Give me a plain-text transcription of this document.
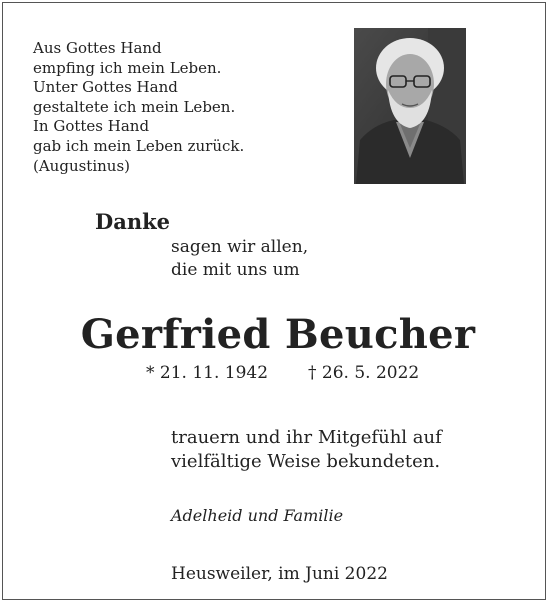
Aus Gottes Hand
empfing ich mein Leben.
Unter Gottes Hand
gestaltete ich mein Leben.
In Gottes Hand
gab ich mein Leben zurück.
(Augustinus)
Danke
sagen wir allen,
die mit uns um
Gerfried Beucher
* 21. 11. 1942 † 26. 5. 2022
trauern und ihr Mitgefühl auf
vielfältige Weise bekundeten.
Adelheid und Familie
Heusweiler, im Juni 2022
